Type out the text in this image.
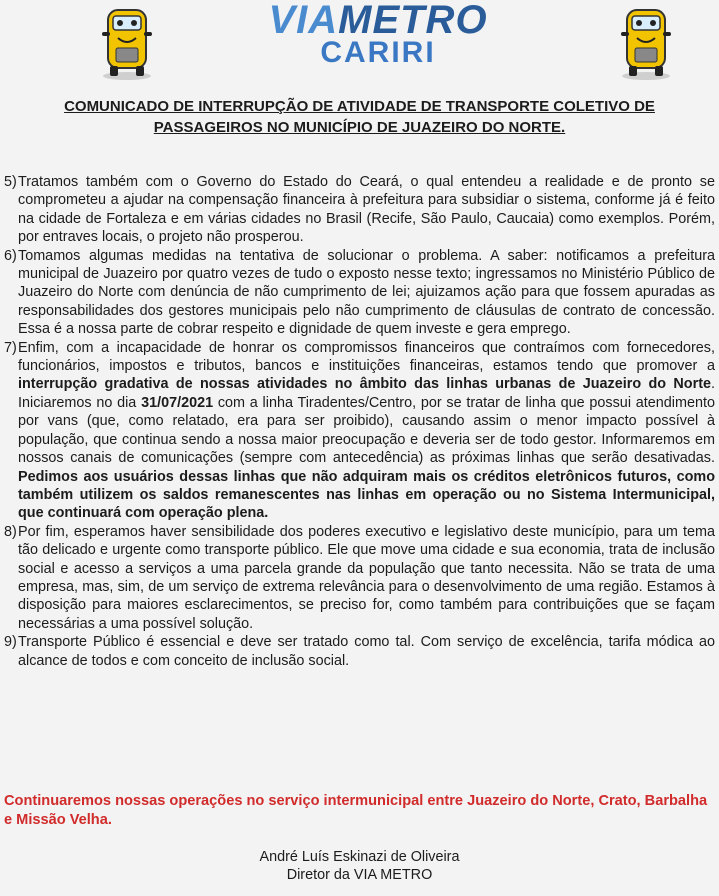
VIAMETRO
CARIRI
COMUNICADO DE INTERRUPÇÃO DE ATIVIDADE DE TRANSPORTE COLETIVO DE PASSAGEIROS NO MUNICÍPIO DE JUAZEIRO DO NORTE.
5) Tratamos também com o Governo do Estado do Ceará, o qual entendeu a realidade e de pronto se comprometeu a ajudar na compensação financeira à prefeitura para subsidiar o sistema, conforme já é feito na cidade de Fortaleza e em várias cidades no Brasil (Recife, São Paulo, Caucaia) como exemplos. Porém, por entraves locais, o projeto não prosperou.
6) Tomamos algumas medidas na tentativa de solucionar o problema. A saber: notificamos a prefeitura municipal de Juazeiro por quatro vezes de tudo o exposto nesse texto; ingressamos no Ministério Público de Juazeiro do Norte com denúncia de não cumprimento de lei; ajuizamos ação para que fossem apuradas as responsabilidades dos gestores municipais pelo não cumprimento de cláusulas de contrato de concessão. Essa é a nossa parte de cobrar respeito e dignidade de quem investe e gera emprego.
7) Enfim, com a incapacidade de honrar os compromissos financeiros que contraímos com fornecedores, funcionários, impostos e tributos, bancos e instituições financeiras, estamos tendo que promover a interrupção gradativa de nossas atividades no âmbito das linhas urbanas de Juazeiro do Norte. Iniciaremos no dia 31/07/2021 com a linha Tiradentes/Centro, por se tratar de linha que possui atendimento por vans (que, como relatado, era para ser proibido), causando assim o menor impacto possível à população, que continua sendo a nossa maior preocupação e deveria ser de todo gestor. Informaremos em nossos canais de comunicações (sempre com antecedência) as próximas linhas que serão desativadas. Pedimos aos usuários dessas linhas que não adquiram mais os créditos eletrônicos futuros, como também utilizem os saldos remanescentes nas linhas em operação ou no Sistema Intermunicipal, que continuará com operação plena.
8) Por fim, esperamos haver sensibilidade dos poderes executivo e legislativo deste município, para um tema tão delicado e urgente como transporte público. Ele que move uma cidade e sua economia, trata de inclusão social e acesso a serviços a uma parcela grande da população que tanto necessita. Não se trata de uma empresa, mas, sim, de um serviço de extrema relevância para o desenvolvimento de uma região. Estamos à disposição para maiores esclarecimentos, se preciso for, como também para contribuições que se façam necessárias a uma possível solução.
9) Transporte Público é essencial e deve ser tratado como tal. Com serviço de excelência, tarifa módica ao alcance de todos e com conceito de inclusão social.
Continuaremos nossas operações no serviço intermunicipal entre Juazeiro do Norte, Crato, Barbalha e Missão Velha.
André Luís Eskinazi de Oliveira
Diretor da VIA METRO
